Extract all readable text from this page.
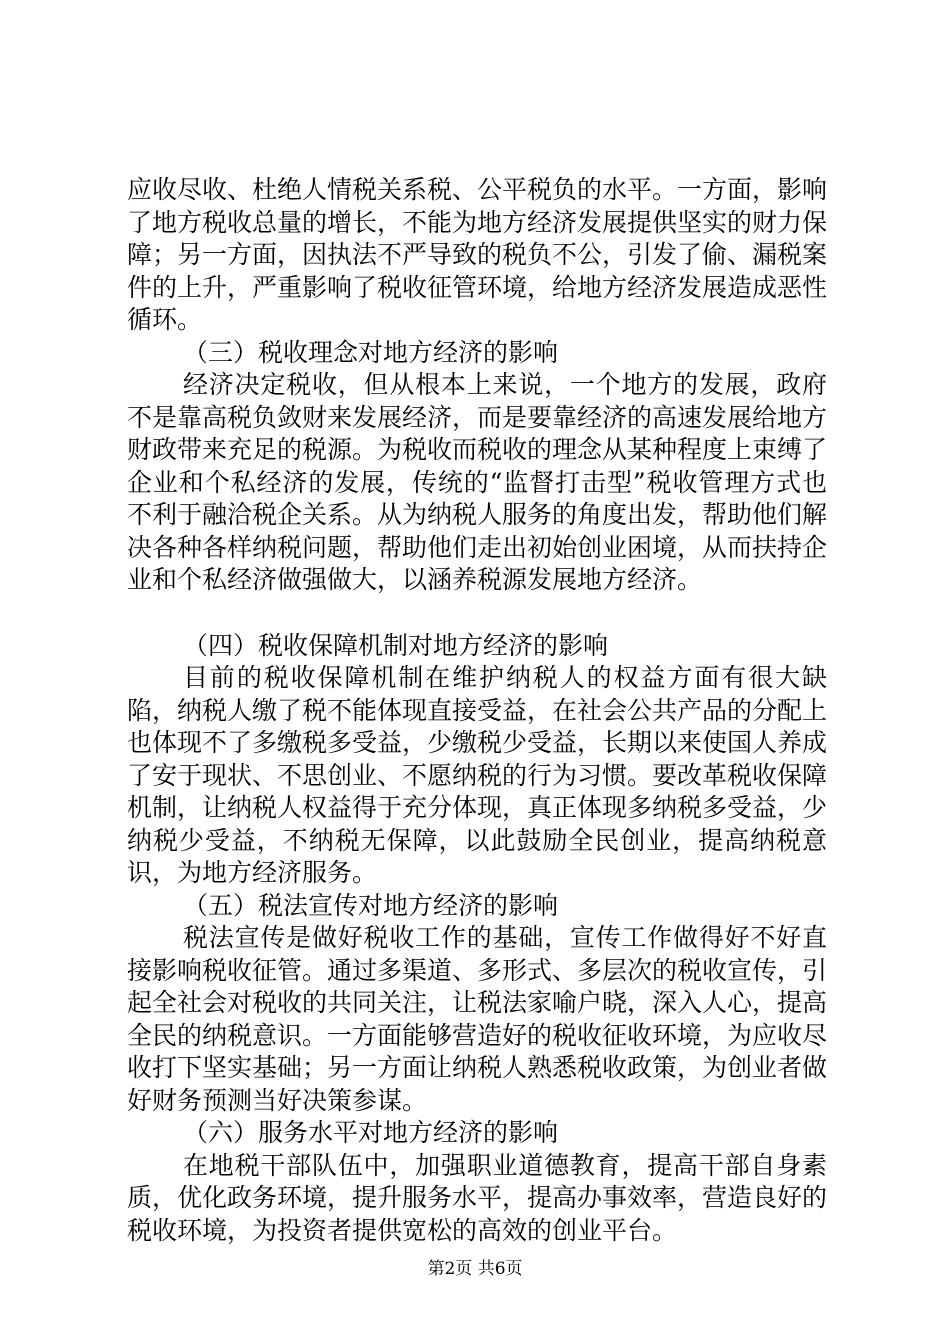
应收尽收、杜绝人情税关系税、公平税负的水平。一方面，影响了地方税收总量的增长，不能为地方经济发展提供坚实的财力保障；另一方面，因执法不严导致的税负不公，引发了偷、漏税案件的上升，严重影响了税收征管环境，给地方经济发展造成恶性循环。

（三）税收理念对地方经济的影响

经济决定税收，但从根本上来说，一个地方的发展，政府不是靠高税负敛财来发展经济，而是要靠经济的高速发展给地方财政带来充足的税源。为税收而税收的理念从某种程度上束缚了企业和个私经济的发展，传统的“监督打击型”税收管理方式也不利于融洽税企关系。从为纳税人服务的角度出发，帮助他们解决各种各样纳税问题，帮助他们走出初始创业困境，从而扶持企业和个私经济做强做大，以涵养税源发展地方经济。

（四）税收保障机制对地方经济的影响

目前的税收保障机制在维护纳税人的权益方面有很大缺陷，纳税人缴了税不能体现直接受益，在社会公共产品的分配上也体现不了多缴税多受益，少缴税少受益，长期以来使国人养成了安于现状、不思创业、不愿纳税的行为习惯。要改革税收保障机制，让纳税人权益得于充分体现，真正体现多纳税多受益，少纳税少受益，不纳税无保障，以此鼓励全民创业，提高纳税意识，为地方经济服务。

（五）税法宣传对地方经济的影响

税法宣传是做好税收工作的基础，宣传工作做得好不好直接影响税收征管。通过多渠道、多形式、多层次的税收宣传，引起全社会对税收的共同关注，让税法家喻户晓，深入人心，提高全民的纳税意识。一方面能够营造好的税收征收环境，为应收尽收打下坚实基础；另一方面让纳税人熟悉税收政策，为创业者做好财务预测当好决策参谋。

（六）服务水平对地方经济的影响

在地税干部队伍中，加强职业道德教育，提高干部自身素质，优化政务环境，提升服务水平，提高办事效率，营造良好的税收环境，为投资者提供宽松的高效的创业平台。

第2页 共6页
